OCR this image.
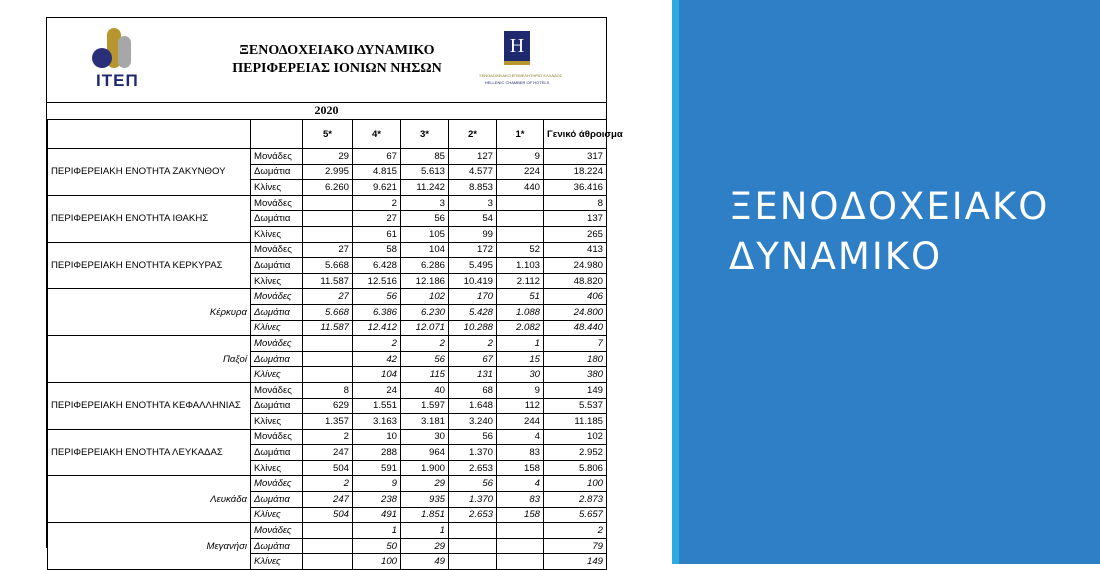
ΙΤΕΠ
ΞΕΝΟΔΟΧΕΙΑΚΟ ΔΥΝΑΜΙΚΟ
ΠΕΡΙΦΕΡΕΙΑΣ ΙΟΝΙΩΝ ΝΗΣΩΝ
H
ΞΕΝΟΔΟΧΕΙΑΚΟ ΕΠΙΜΕΛΗΤΗΡΙΟ ΕΛΛΑΔΟΣ
HELLENIC CHAMBER OF HOTELS
2020
		5*	4*	3*	2*	1*	Γενικό άθροισμα
ΠΕΡΙΦΕΡΕΙΑΚΗ ΕΝΟΤΗΤΑ ΖΑΚΥΝΘΟΥ	Μονάδες	29	67	85	127	9	317
	Δωμάτια	2.995	4.815	5.613	4.577	224	18.224
	Κλίνες	6.260	9.621	11.242	8.853	440	36.416
ΠΕΡΙΦΕΡΕΙΑΚΗ ΕΝΟΤΗΤΑ ΙΘΑΚΗΣ	Μονάδες		2	3	3		8
	Δωμάτια		27	56	54		137
	Κλίνες		61	105	99		265
ΠΕΡΙΦΕΡΕΙΑΚΗ ΕΝΟΤΗΤΑ ΚΕΡΚΥΡΑΣ	Μονάδες	27	58	104	172	52	413
	Δωμάτια	5.668	6.428	6.286	5.495	1.103	24.980
	Κλίνες	11.587	12.516	12.186	10.419	2.112	48.820
Κέρκυρα	Μονάδες	27	56	102	170	51	406
	Δωμάτια	5.668	6.386	6.230	5.428	1.088	24.800
	Κλίνες	11.587	12.412	12.071	10.288	2.082	48.440
Παξοί	Μονάδες		2	2	2	1	7
	Δωμάτια		42	56	67	15	180
	Κλίνες		104	115	131	30	380
ΠΕΡΙΦΕΡΕΙΑΚΗ ΕΝΟΤΗΤΑ ΚΕΦΑΛΛΗΝΙΑΣ	Μονάδες	8	24	40	68	9	149
	Δωμάτια	629	1.551	1.597	1.648	112	5.537
	Κλίνες	1.357	3.163	3.181	3.240	244	11.185
ΠΕΡΙΦΕΡΕΙΑΚΗ ΕΝΟΤΗΤΑ ΛΕΥΚΑΔΑΣ	Μονάδες	2	10	30	56	4	102
	Δωμάτια	247	288	964	1.370	83	2.952
	Κλίνες	504	591	1.900	2.653	158	5.806
Λευκάδα	Μονάδες	2	9	29	56	4	100
	Δωμάτια	247	238	935	1.370	83	2.873
	Κλίνες	504	491	1.851	2.653	158	5.657
Μεγανήσι	Μονάδες		1	1			2
	Δωμάτια		50	29			79
	Κλίνες		100	49			149
ΞΕΝΟΔΟΧΕΙΑΚΟ
ΔΥΝΑΜΙΚΟ
